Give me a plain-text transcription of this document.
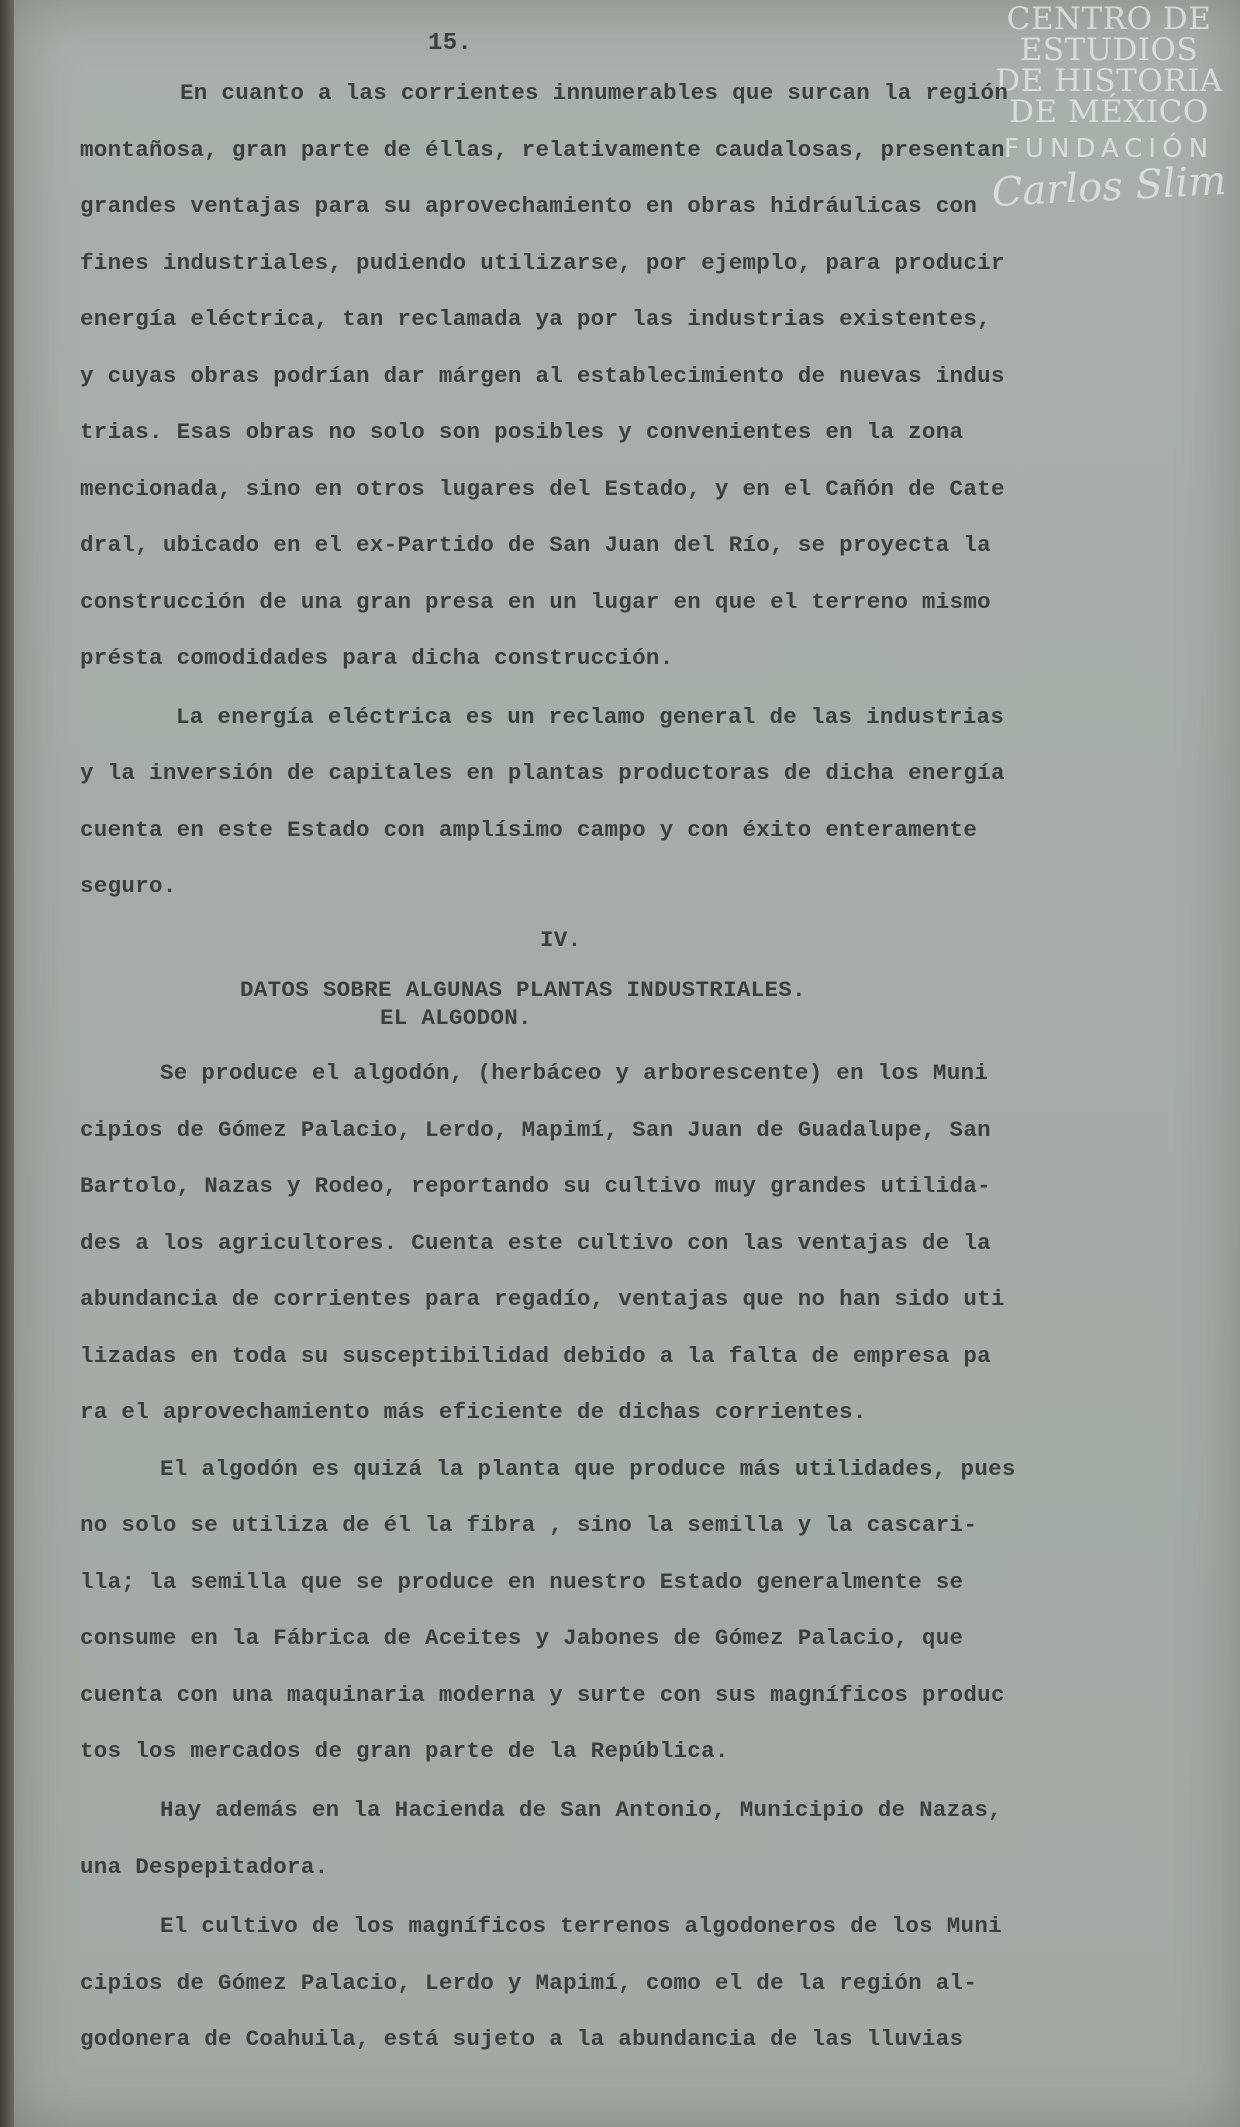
CENTRO DE
ESTUDIOS
DE HISTORIA
DE MÉXICO
FUNDACIÓN
Carlos Slim
15.
En cuanto a las corrientes innumerables que surcan la región
montañosa, gran parte de éllas, relativamente caudalosas, presentan
grandes ventajas para su aprovechamiento en obras hidráulicas con
fines industriales, pudiendo utilizarse, por ejemplo, para producir
energía eléctrica, tan reclamada ya por las industrias existentes,
y cuyas obras podrían dar márgen al establecimiento de nuevas indus
trias. Esas obras no solo son posibles y convenientes en la zona
mencionada, sino en otros lugares del Estado, y en el Cañón de Cate
dral, ubicado en el ex-Partido de San Juan del Río, se proyecta la
construcción de una gran presa en un lugar en que el terreno mismo
présta comodidades para dicha construcción.
La energía eléctrica es un reclamo general de las industrias
y la inversión de capitales en plantas productoras de dicha energía
cuenta en este Estado con amplísimo campo y con éxito enteramente
seguro.
IV.
DATOS SOBRE ALGUNAS PLANTAS INDUSTRIALES.
EL ALGODON.
Se produce el algodón, (herbáceo y arborescente) en los Muni
cipios de Gómez Palacio, Lerdo, Mapimí, San Juan de Guadalupe, San
Bartolo, Nazas y Rodeo, reportando su cultivo muy grandes utilida-
des a los agricultores. Cuenta este cultivo con las ventajas de la
abundancia de corrientes para regadío, ventajas que no han sido uti
lizadas en toda su susceptibilidad debido a la falta de empresa pa
ra el aprovechamiento más eficiente de dichas corrientes.
El algodón es quizá la planta que produce más utilidades, pues
no solo se utiliza de él la fibra , sino la semilla y la cascari-
lla; la semilla que se produce en nuestro Estado generalmente se
consume en la Fábrica de Aceites y Jabones de Gómez Palacio, que
cuenta con una maquinaria moderna y surte con sus magníficos produc
tos los mercados de gran parte de la República.
Hay además en la Hacienda de San Antonio, Municipio de Nazas,
una Despepitadora.
El cultivo de los magníficos terrenos algodoneros de los Muni
cipios de Gómez Palacio, Lerdo y Mapimí, como el de la región al-
godonera de Coahuila, está sujeto a la abundancia de las lluvias
